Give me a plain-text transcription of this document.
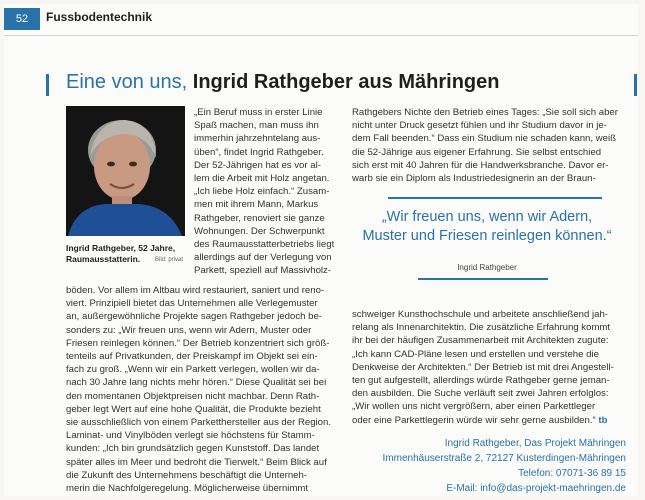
52	Fussbodentechnik
Eine von uns, Ingrid Rathgeber aus Mähringen
Ingrid Rathgeber, 52 Jahre,
Raumausstatterin.	Bild: privat
„Ein Beruf muss in erster Linie
Spaß machen, man muss ihn
immerhin jahrzehntelang aus-
üben“, findet Ingrid Rathgeber.
Der 52-Jährigen hat es vor al-
lem die Arbeit mit Holz angetan.
„Ich liebe Holz einfach.“ Zusam-
men mit ihrem Mann, Markus
Rathgeber, renoviert sie ganze
Wohnungen. Der Schwerpunkt
des Raumausstatterbetriebs liegt
allerdings auf der Verlegung von
Parkett, speziell auf Massivholz-
böden. Vor allem im Altbau wird restauriert, saniert und reno-
viert. Prinzipiell bietet das Unternehmen alle Verlegemuster
an, außergewöhnliche Projekte sagen Rathgeber jedoch be-
sonders zu: „Wir freuen uns, wenn wir Adern, Muster oder
Friesen reinlegen können.“ Der Betrieb konzentriert sich größ-
tenteils auf Privatkunden, der Preiskampf im Objekt sei ein-
fach zu groß. „Wenn wir ein Parkett verlegen, wollen wir da-
nach 30 Jahre lang nichts mehr hören.“ Diese Qualität sei bei
den momentanen Objektpreisen nicht machbar. Denn Rath-
geber legt Wert auf eine hohe Qualität, die Produkte bezieht
sie ausschließlich von einem Parketthersteller aus der Region.
Laminat- und Vinylböden verlegt sie höchstens für Stamm-
kunden: „Ich bin grundsätzlich gegen Kunststoff. Das landet
später alles im Meer und bedroht die Tierwelt.“ Beim Blick auf
die Zukunft des Unternehmens beschäftigt die Unterneh-
merin die Nachfolgeregelung. Möglicherweise übernimmt
Rathgebers Nichte den Betrieb eines Tages: „Sie soll sich aber
nicht unter Druck gesetzt fühlen und ihr Studium davor in je-
dem Fall beenden.“ Dass ein Studium nie schaden kann, weiß
die 52-Jährige aus eigener Erfahrung. Sie selbst entschied
sich erst mit 40 Jahren für die Handwerksbranche. Davor er-
warb sie ein Diplom als Industriedesignerin an der Braun-
„Wir freuen uns, wenn wir Adern,
Muster und Friesen reinlegen können.“
Ingrid Rathgeber
schweiger Kunsthochschule und arbeitete anschließend jah-
relang als Innenarchitektin. Die zusätzliche Erfahrung kommt
ihr bei der häufigen Zusammenarbeit mit Architekten zugute:
„Ich kann CAD-Pläne lesen und erstellen und verstehe die
Denkweise der Architekten.“ Der Betrieb ist mit drei Angestell-
ten gut aufgestellt, allerdings würde Rathgeber gerne jeman-
den ausbilden. Die Suche verläuft seit zwei Jahren erfolglos:
„Wir wollen uns nicht vergrößern, aber einen Parkettleger
oder eine Parkettlegerin würde wir sehr gerne ausbilden.“ tb
Ingrid Rathgeber, Das Projekt Mähringen
Immenhäuserstraße 2, 72127 Kusterdingen-Mähringen
Telefon: 07071-36 89 15
E-Mail: info@das-projekt-maehringen.de
